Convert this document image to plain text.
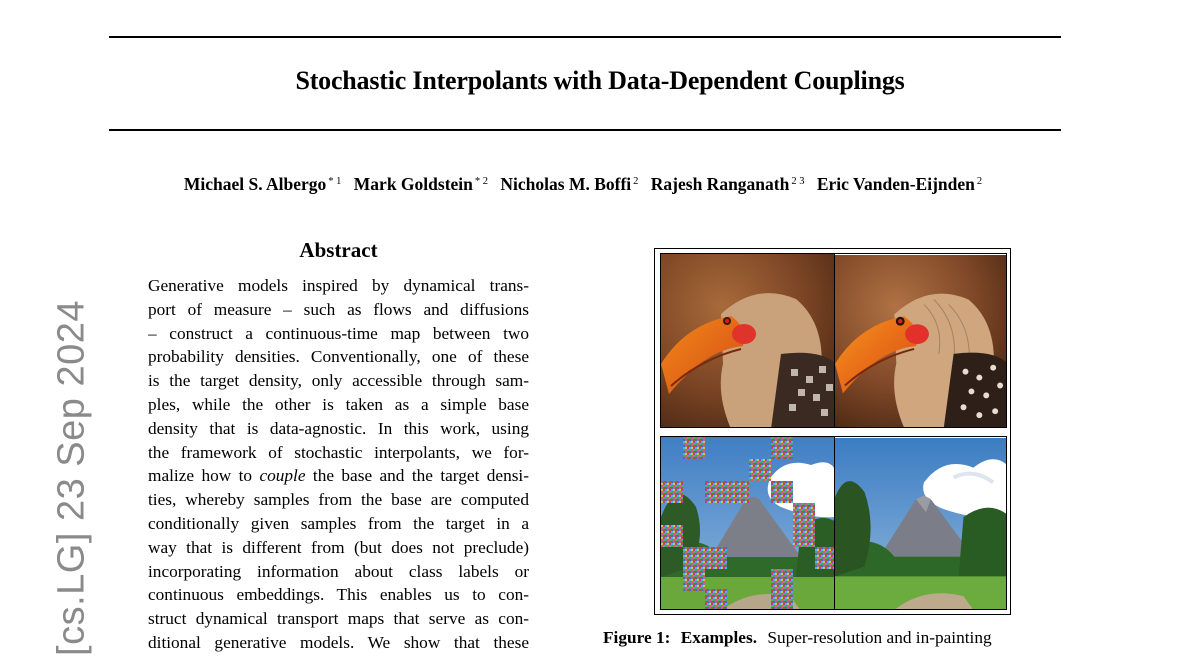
Stochastic Interpolants with Data-Dependent Couplings
Michael S. Albergo $^{* 1}$ Mark Goldstein $^{* 2}$ Nicholas M. Boffi $^2$ Rajesh Ranganath $^{2 3}$ Eric Vanden-Eijnden $^2$
[cs.LG] 23 Sep 2024
Abstract
Generative models inspired by dynamical trans-
port of measure – such as flows and diffusions
– construct a continuous-time map between two
probability densities. Conventionally, one of these
is the target density, only accessible through sam-
ples, while the other is taken as a simple base
density that is data-agnostic. In this work, using
the framework of stochastic interpolants, we for-
malize how to couple the base and the target densi-
ties, whereby samples from the base are computed
conditionally given samples from the target in a
way that is different from (but does not preclude)
incorporating information about class labels or
continuous embeddings. This enables us to con-
struct dynamical transport maps that serve as con-
ditional generative models. We show that these	Figure 1: Examples. Super-resolution and in-painting
